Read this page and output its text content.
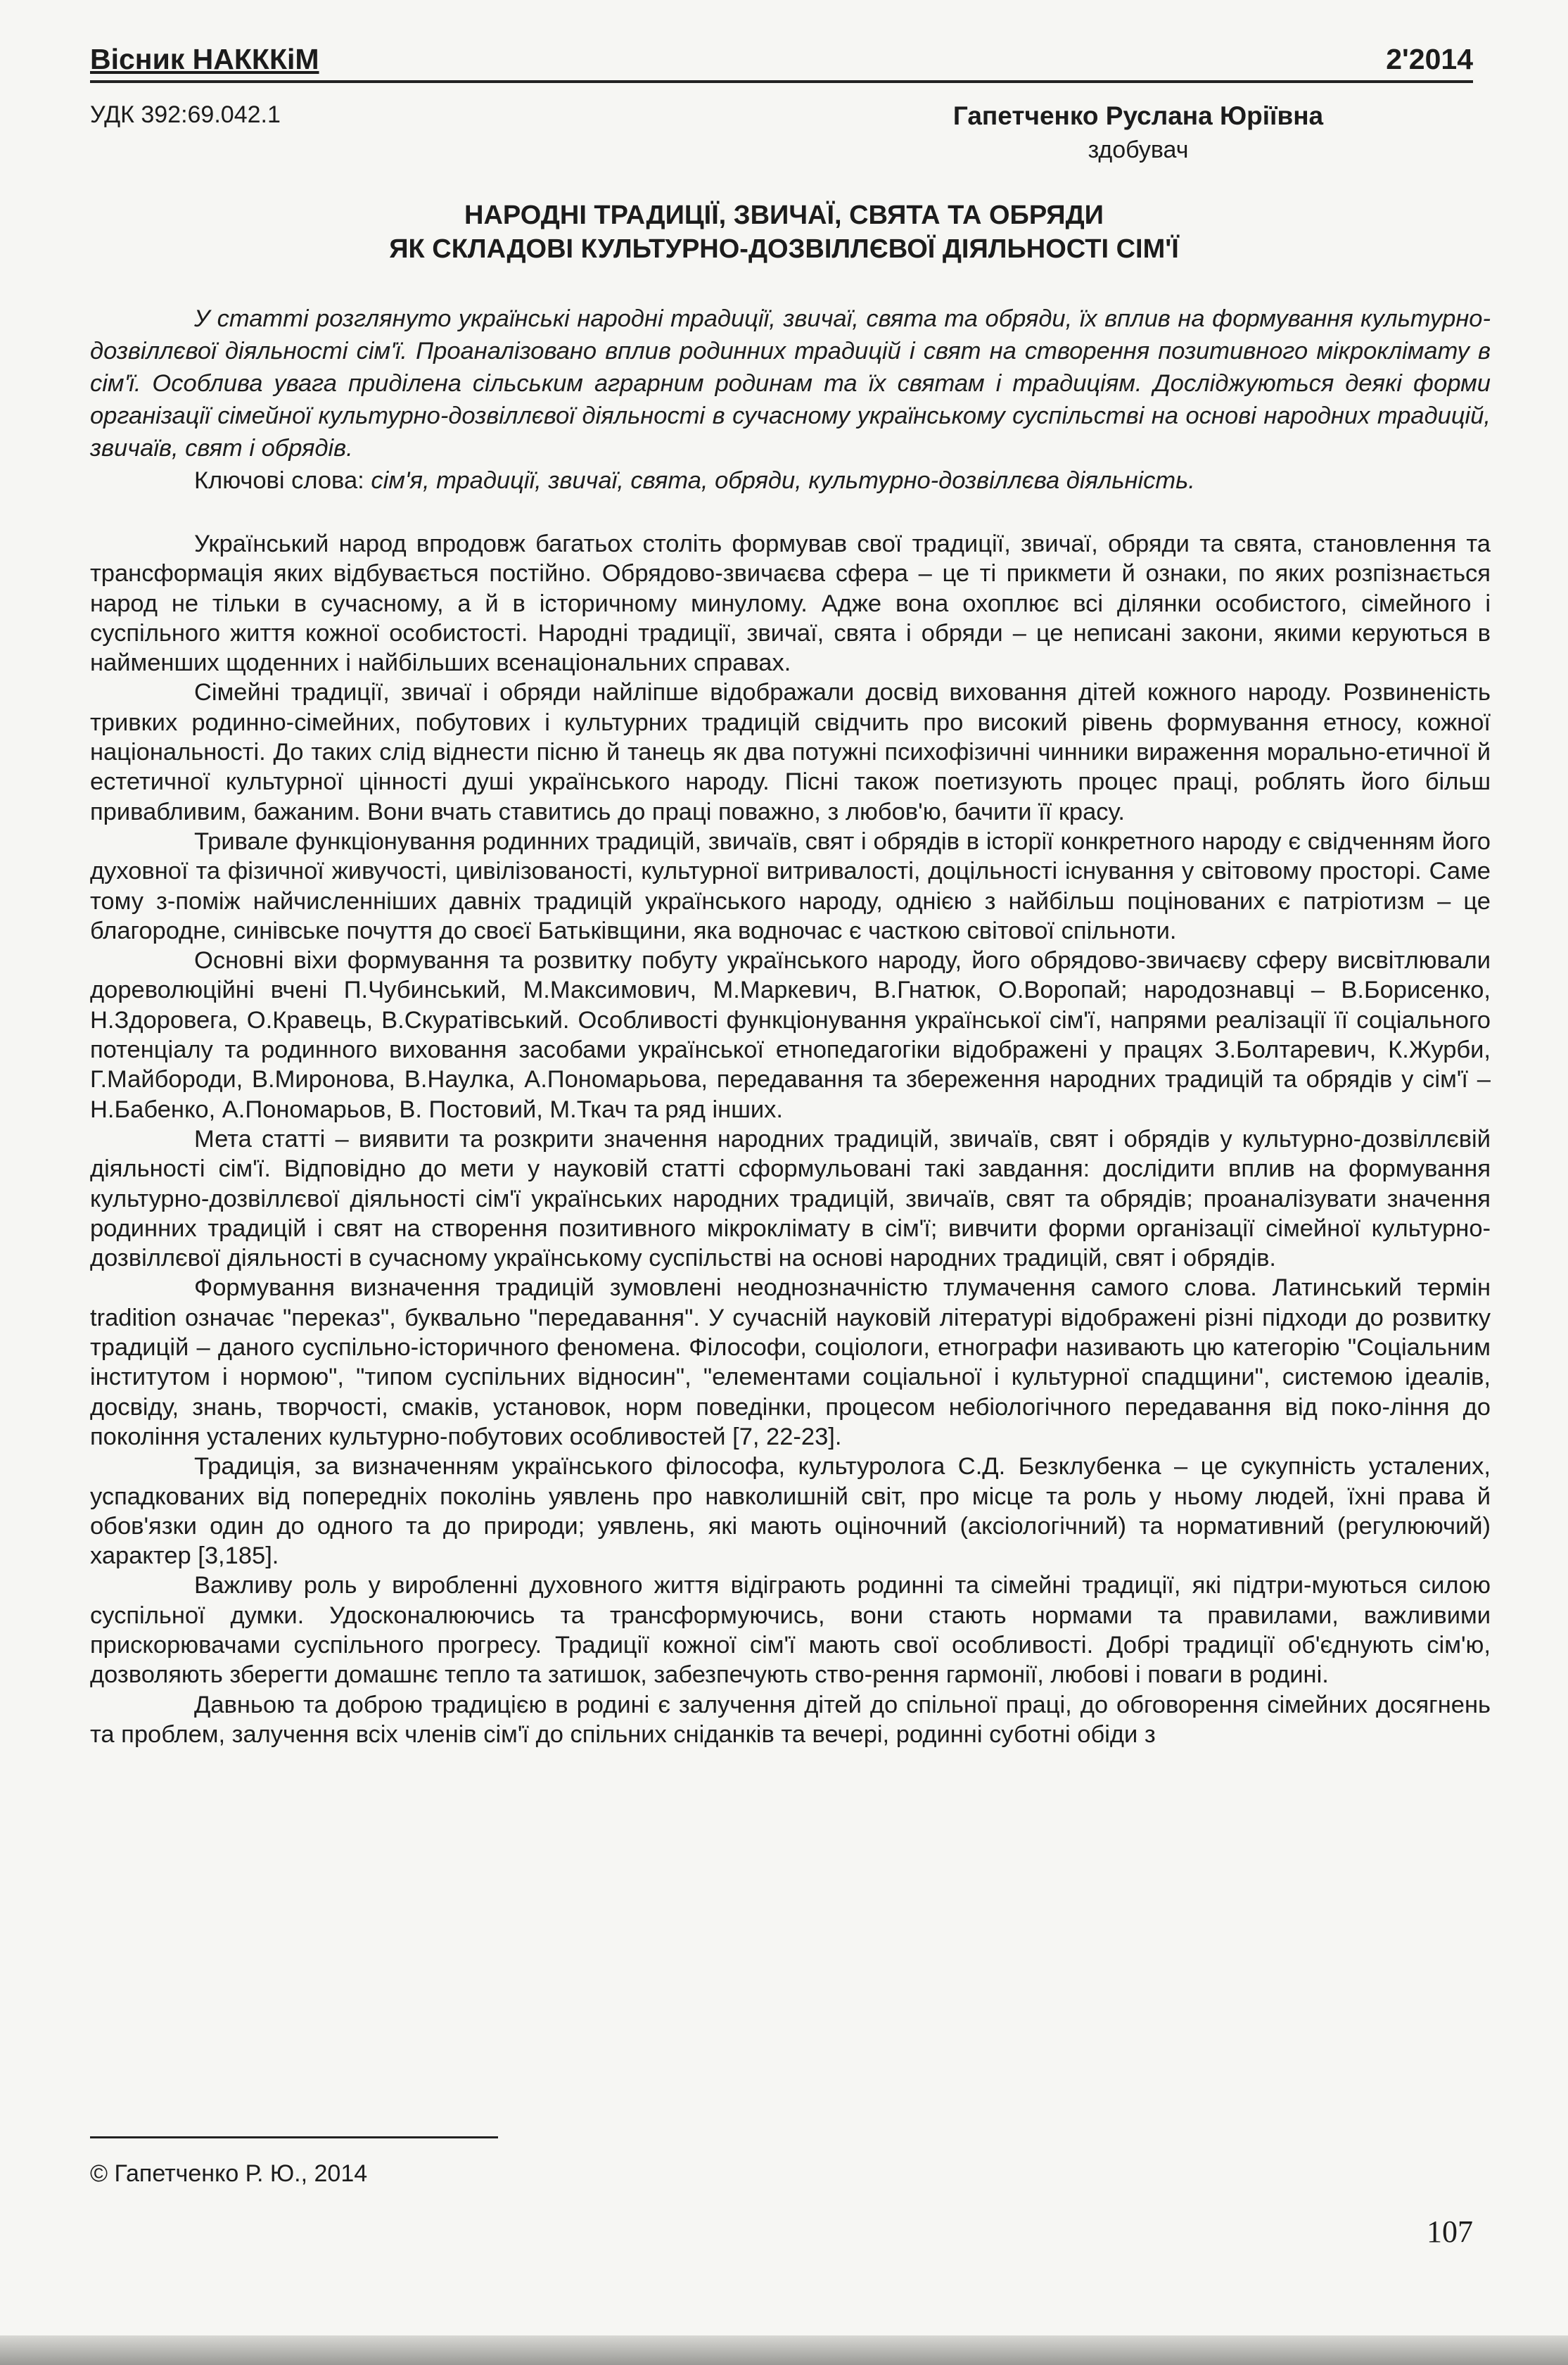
Вісник НАКККіМ	2'2014
УДК 392:69.042.1	Гапетченко Руслана Юріївна
здобувач
НАРОДНІ ТРАДИЦІЇ, ЗВИЧАЇ, СВЯТА ТА ОБРЯДИ
ЯК СКЛАДОВІ КУЛЬТУРНО-ДОЗВІЛЛЄВОЇ ДІЯЛЬНОСТІ СІМ'Ї
У статті розглянуто українські народні традиції, звичаї, свята та обряди, їх вплив на формування культурно-дозвіллєвої діяльності сім'ї. Проаналізовано вплив родинних традицій і свят на створення позитивного мікроклімату в сім'ї. Особлива увага приділена сільським аграрним родинам та їх святам і традиціям. Досліджуються деякі форми організації сімейної культурно-дозвіллєвої діяльності в сучасному українському суспільстві на основі народних традицій, звичаїв, свят і обрядів.
Ключові слова: сім'я, традиції, звичаї, свята, обряди, культурно-дозвіллєва діяльність.

Український народ впродовж багатьох століть формував свої традиції, звичаї, обряди та свята, становлення та трансформація яких відбувається постійно. Обрядово-звичаєва сфера – це ті прикмети й ознаки, по яких розпізнається народ не тільки в сучасному, а й в історичному минулому. Адже вона охоплює всі ділянки особистого, сімейного і суспільного життя кожної особистості. Народні традиції, звичаї, свята і обряди – це неписані закони, якими керуються в найменших щоденних і найбільших всенаціональних справах.

Сімейні традиції, звичаї і обряди найліпше відображали досвід виховання дітей кожного народу. Розвиненість тривких родинно-сімейних, побутових і культурних традицій свідчить про високий рівень формування етносу, кожної національності. До таких слід віднести пісню й танець як два потужні психофізичні чинники вираження морально-етичної й естетичної культурної цінності душі українського народу. Пісні також поетизують процес праці, роблять його більш привабливим, бажаним. Вони вчать ставитись до праці поважно, з любов'ю, бачити її красу.

Тривале функціонування родинних традицій, звичаїв, свят і обрядів в історії конкретного народу є свідченням його духовної та фізичної живучості, цивілізованості, культурної витривалості, доцільності існування у світовому просторі. Саме тому з-поміж найчисленніших давніх традицій українського народу, однією з найбільш поцінованих є патріотизм – це благородне, синівське почуття до своєї Батьківщини, яка водночас є часткою світової спільноти.

Основні віхи формування та розвитку побуту українського народу, його обрядово-звичаєву сферу висвітлювали дореволюційні вчені П.Чубинський, М.Максимович, М.Маркевич, В.Гнатюк, О.Воропай; народознавці – В.Борисенко, Н.Здоровега, О.Кравець, В.Скуратівський. Особливості функціонування української сім'ї, напрями реалізації її соціального потенціалу та родинного виховання засобами української етнопедагогіки відображені у працях З.Болтаревич, К.Журби, Г.Майбороди, В.Миронова, В.Наулка, А.Пономарьова, передавання та збереження народних традицій та обрядів у сім'ї – Н.Бабенко, А.Пономарьов, В. Постовий, М.Ткач та ряд інших.

Мета статті – виявити та розкрити значення народних традицій, звичаїв, свят і обрядів у культурно-дозвіллєвій діяльності сім'ї. Відповідно до мети у науковій статті сформульовані такі завдання: дослідити вплив на формування культурно-дозвіллєвої діяльності сім'ї українських народних традицій, звичаїв, свят та обрядів; проаналізувати значення родинних традицій і свят на створення позитивного мікроклімату в сім'ї; вивчити форми організації сімейної культурно-дозвіллєвої діяльності в сучасному українському суспільстві на основі народних традицій, свят і обрядів.

Формування визначення традицій зумовлені неоднозначністю тлумачення самого слова. Латинський термін tradition означає "переказ", буквально "передавання". У сучасній науковій літературі відображені різні підходи до розвитку традицій – даного суспільно-історичного феномена. Філософи, соціологи, етнографи називають цю категорію "Соціальним інститутом і нормою", "типом суспільних відносин", "елементами соціальної і культурної спадщини", системою ідеалів, досвіду, знань, творчості, смаків, установок, норм поведінки, процесом небіологічного передавання від поко-ління до покоління усталених культурно-побутових особливостей [7, 22-23].

Традиція, за визначенням українського філософа, культуролога С.Д. Безклубенка – це сукупність усталених, успадкованих від попередніх поколінь уявлень про навколишній світ, про місце та роль у ньому людей, їхні права й обов'язки один до одного та до природи; уявлень, які мають оціночний (аксіологічний) та нормативний (регулюючий) характер [3,185].

Важливу роль у виробленні духовного життя відіграють родинні та сімейні традиції, які підтри-муються силою суспільної думки. Удосконалюючись та трансформуючись, вони стають нормами та правилами, важливими прискорювачами суспільного прогресу. Традиції кожної сім'ї мають свої особливості. Добрі традиції об'єднують сім'ю, дозволяють зберегти домашнє тепло та затишок, забезпечують ство-рення гармонії, любові і поваги в родині.

Давньою та доброю традицією в родині є залучення дітей до спільної праці, до обговорення сімейних досягнень та проблем, залучення всіх членів сім'ї до спільних сніданків та вечері, родинні суботні обіди з

© Гапетченко Р. Ю., 2014
107
